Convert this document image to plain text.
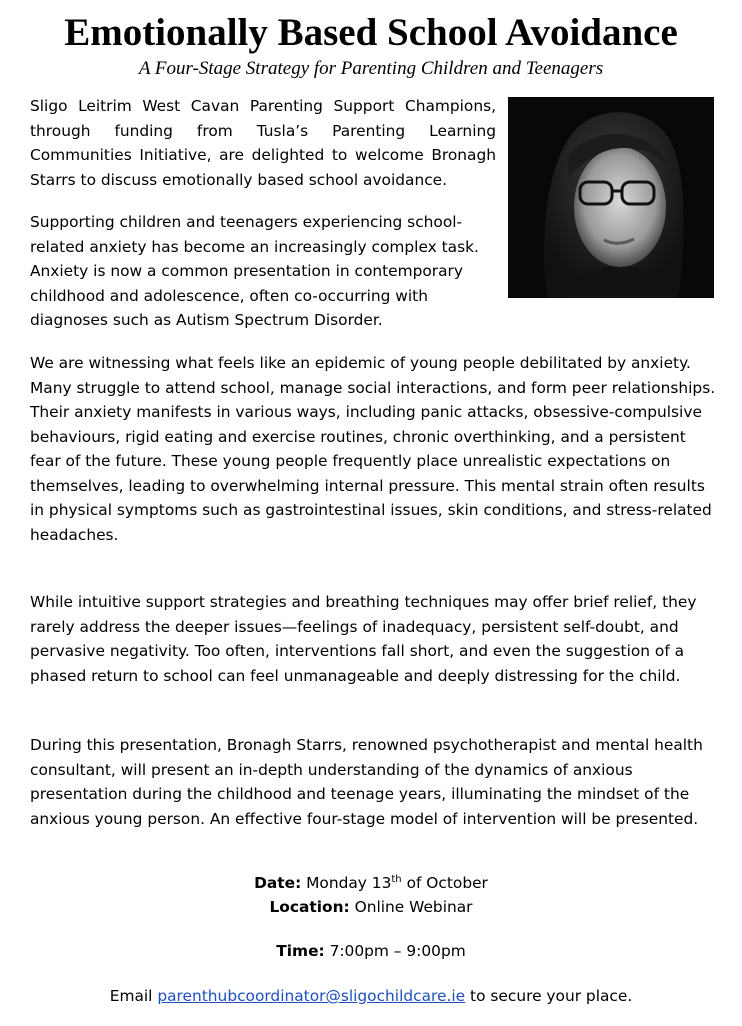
Emotionally Based School Avoidance
A Four-Stage Strategy for Parenting Children and Teenagers

Sligo Leitrim West Cavan Parenting Support Champions, through funding from Tusla’s Parenting Learning Communities Initiative, are delighted to welcome Bronagh Starrs to discuss emotionally based school avoidance.

Supporting children and teenagers experiencing school-related anxiety has become an increasingly complex task. Anxiety is now a common presentation in contemporary childhood and adolescence, often co-occurring with diagnoses such as Autism Spectrum Disorder.

We are witnessing what feels like an epidemic of young people debilitated by anxiety. Many struggle to attend school, manage social interactions, and form peer relationships. Their anxiety manifests in various ways, including panic attacks, obsessive-compulsive behaviours, rigid eating and exercise routines, chronic overthinking, and a persistent fear of the future. These young people frequently place unrealistic expectations on themselves, leading to overwhelming internal pressure. This mental strain often results in physical symptoms such as gastrointestinal issues, skin conditions, and stress-related headaches.

While intuitive support strategies and breathing techniques may offer brief relief, they rarely address the deeper issues—feelings of inadequacy, persistent self-doubt, and pervasive negativity. Too often, interventions fall short, and even the suggestion of a phased return to school can feel unmanageable and deeply distressing for the child.

During this presentation, Bronagh Starrs, renowned psychotherapist and mental health consultant, will present an in-depth understanding of the dynamics of anxious presentation during the childhood and teenage years, illuminating the mindset of the anxious young person. An effective four-stage model of intervention will be presented.

Date: Monday 13th of October
Location: Online Webinar
Time: 7:00pm – 9:00pm
Email parenthubcoordinator@sligochildcare.ie to secure your place.
